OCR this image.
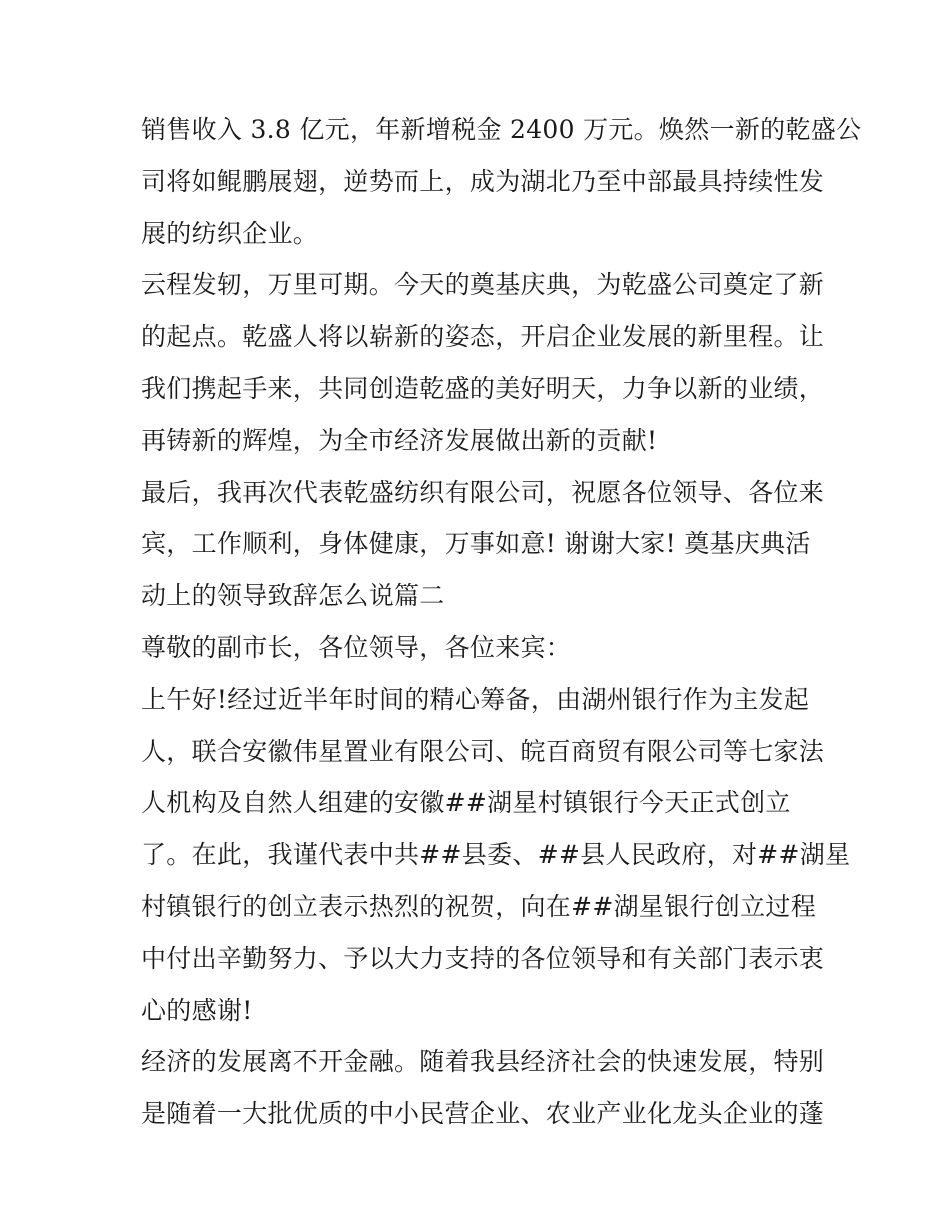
销售收入 3.8 亿元，年新增税金 2400 万元。焕然一新的乾盛公
司将如鲲鹏展翅，逆势而上，成为湖北乃至中部最具持续性发
展的纺织企业。
云程发轫，万里可期。今天的奠基庆典，为乾盛公司奠定了新
的起点。乾盛人将以崭新的姿态，开启企业发展的新里程。让
我们携起手来，共同创造乾盛的美好明天，力争以新的业绩，
再铸新的辉煌，为全市经济发展做出新的贡献!
最后，我再次代表乾盛纺织有限公司，祝愿各位领导、各位来
宾，工作顺利，身体健康，万事如意! 谢谢大家! 奠基庆典活
动上的领导致辞怎么说篇二
尊敬的副市长，各位领导，各位来宾：
上午好!经过近半年时间的精心筹备，由湖州银行作为主发起
人，联合安徽伟星置业有限公司、皖百商贸有限公司等七家法
人机构及自然人组建的安徽##湖星村镇银行今天正式创立
了。在此，我谨代表中共##县委、##县人民政府，对##湖星
村镇银行的创立表示热烈的祝贺，向在##湖星银行创立过程
中付出辛勤努力、予以大力支持的各位领导和有关部门表示衷
心的感谢!
经济的发展离不开金融。随着我县经济社会的快速发展，特别
是随着一大批优质的中小民营企业、农业产业化龙头企业的蓬
